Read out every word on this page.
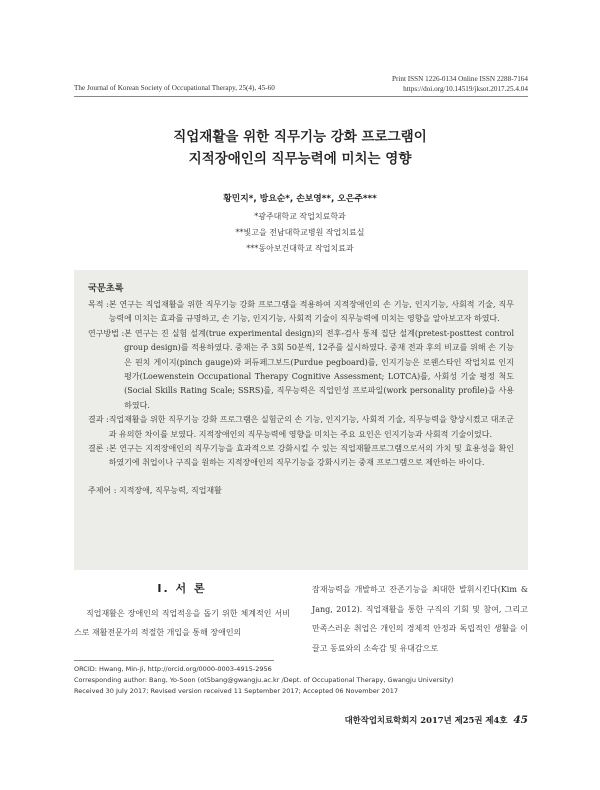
Print ISSN 1226-0134 Online ISSN 2288-7164
https://doi.org/10.14519/jksot.2017.25.4.04
The Journal of Korean Society of Occupational Therapy, 25(4), 45-60
직업재활을 위한 직무기능 강화 프로그램이
지적장애인의 직무능력에 미치는 영향
황민지*, 방요순*, 손보영**, 오은주***
*광주대학교 작업치료학과
**빛고을 전남대학교병원 작업치료실
***동아보건대학교 작업치료과
국문초록
목적 : 본 연구는 직업재활을 위한 직무기능 강화 프로그램을 적용하여 지적장애인의 손 기능, 인지기능, 사회적 기술, 직무능력에 미치는 효과를 규명하고, 손 기능, 인지기능, 사회적 기술이 직무능력에 미치는 영향을 알아보고자 하였다.
연구방법 : 본 연구는 진 실험 설계(true experimental design)의 전후-검사 통제 집단 설계(pretest-posttest control group design)를 적용하였다. 중재는 주 3회 50분씩, 12주를 실시하였다. 중재 전과 후의 비교를 위해 손 기능은 핀치 게이지(pinch gauge)와 퍼듀페그보드(Purdue pegboard)를, 인지기능은 로웬스타인 작업치료 인지평가(Loewenstein Occupational Therapy Cognitive Assessment; LOTCA)를, 사회성 기술 평정 척도(Social Skills Rating Scale; SSRS)를, 직무능력은 직업인성 프로파일(work personality profile)을 사용하였다.
결과 : 직업재활을 위한 직무기능 강화 프로그램은 실험군의 손 기능, 인지기능, 사회적 기술, 직무능력을 향상시켰고 대조군과 유의한 차이를 보였다. 지적장애인의 직무능력에 영향을 미치는 주요 요인은 인지기능과 사회적 기술이었다.
결론 : 본 연구는 지적장애인의 직무기능을 효과적으로 강화시킬 수 있는 직업재활프로그램으로서의 가치 및 효용성을 확인하였기에 취업이나 구직을 원하는 지적장애인의 직무기능을 강화시키는 중재 프로그램으로 제안하는 바이다.
주제어 : 지적장애, 직무능력, 직업재활
Ⅰ. 서 론
직업재활은 장애인의 직업적응을 돕기 위한 체계적인 서비스로 재활전문가의 적절한 개입을 통해 장애인의
잠재능력을 개발하고 잔존기능을 최대한 발휘시킨다(Kim & Jang, 2012). 직업재활을 통한 구직의 기회 및 참여, 그리고 만족스러운 취업은 개인의 경제적 안정과 독립적인 생활을 이끌고 동료와의 소속감 및 유대감으로
ORCID: Hwang, Min-Ji, http://orcid.org/0000-0003-4915-2956
Corresponding author: Bang, Yo-Soon (ot5bang@gwangju.ac.kr /Dept. of Occupational Therapy, Gwangju University)
Received 30 July 2017; Revised version received 11 September 2017; Accepted 06 November 2017
대한작업치료학회지 2017년 제25권 제4호 45
